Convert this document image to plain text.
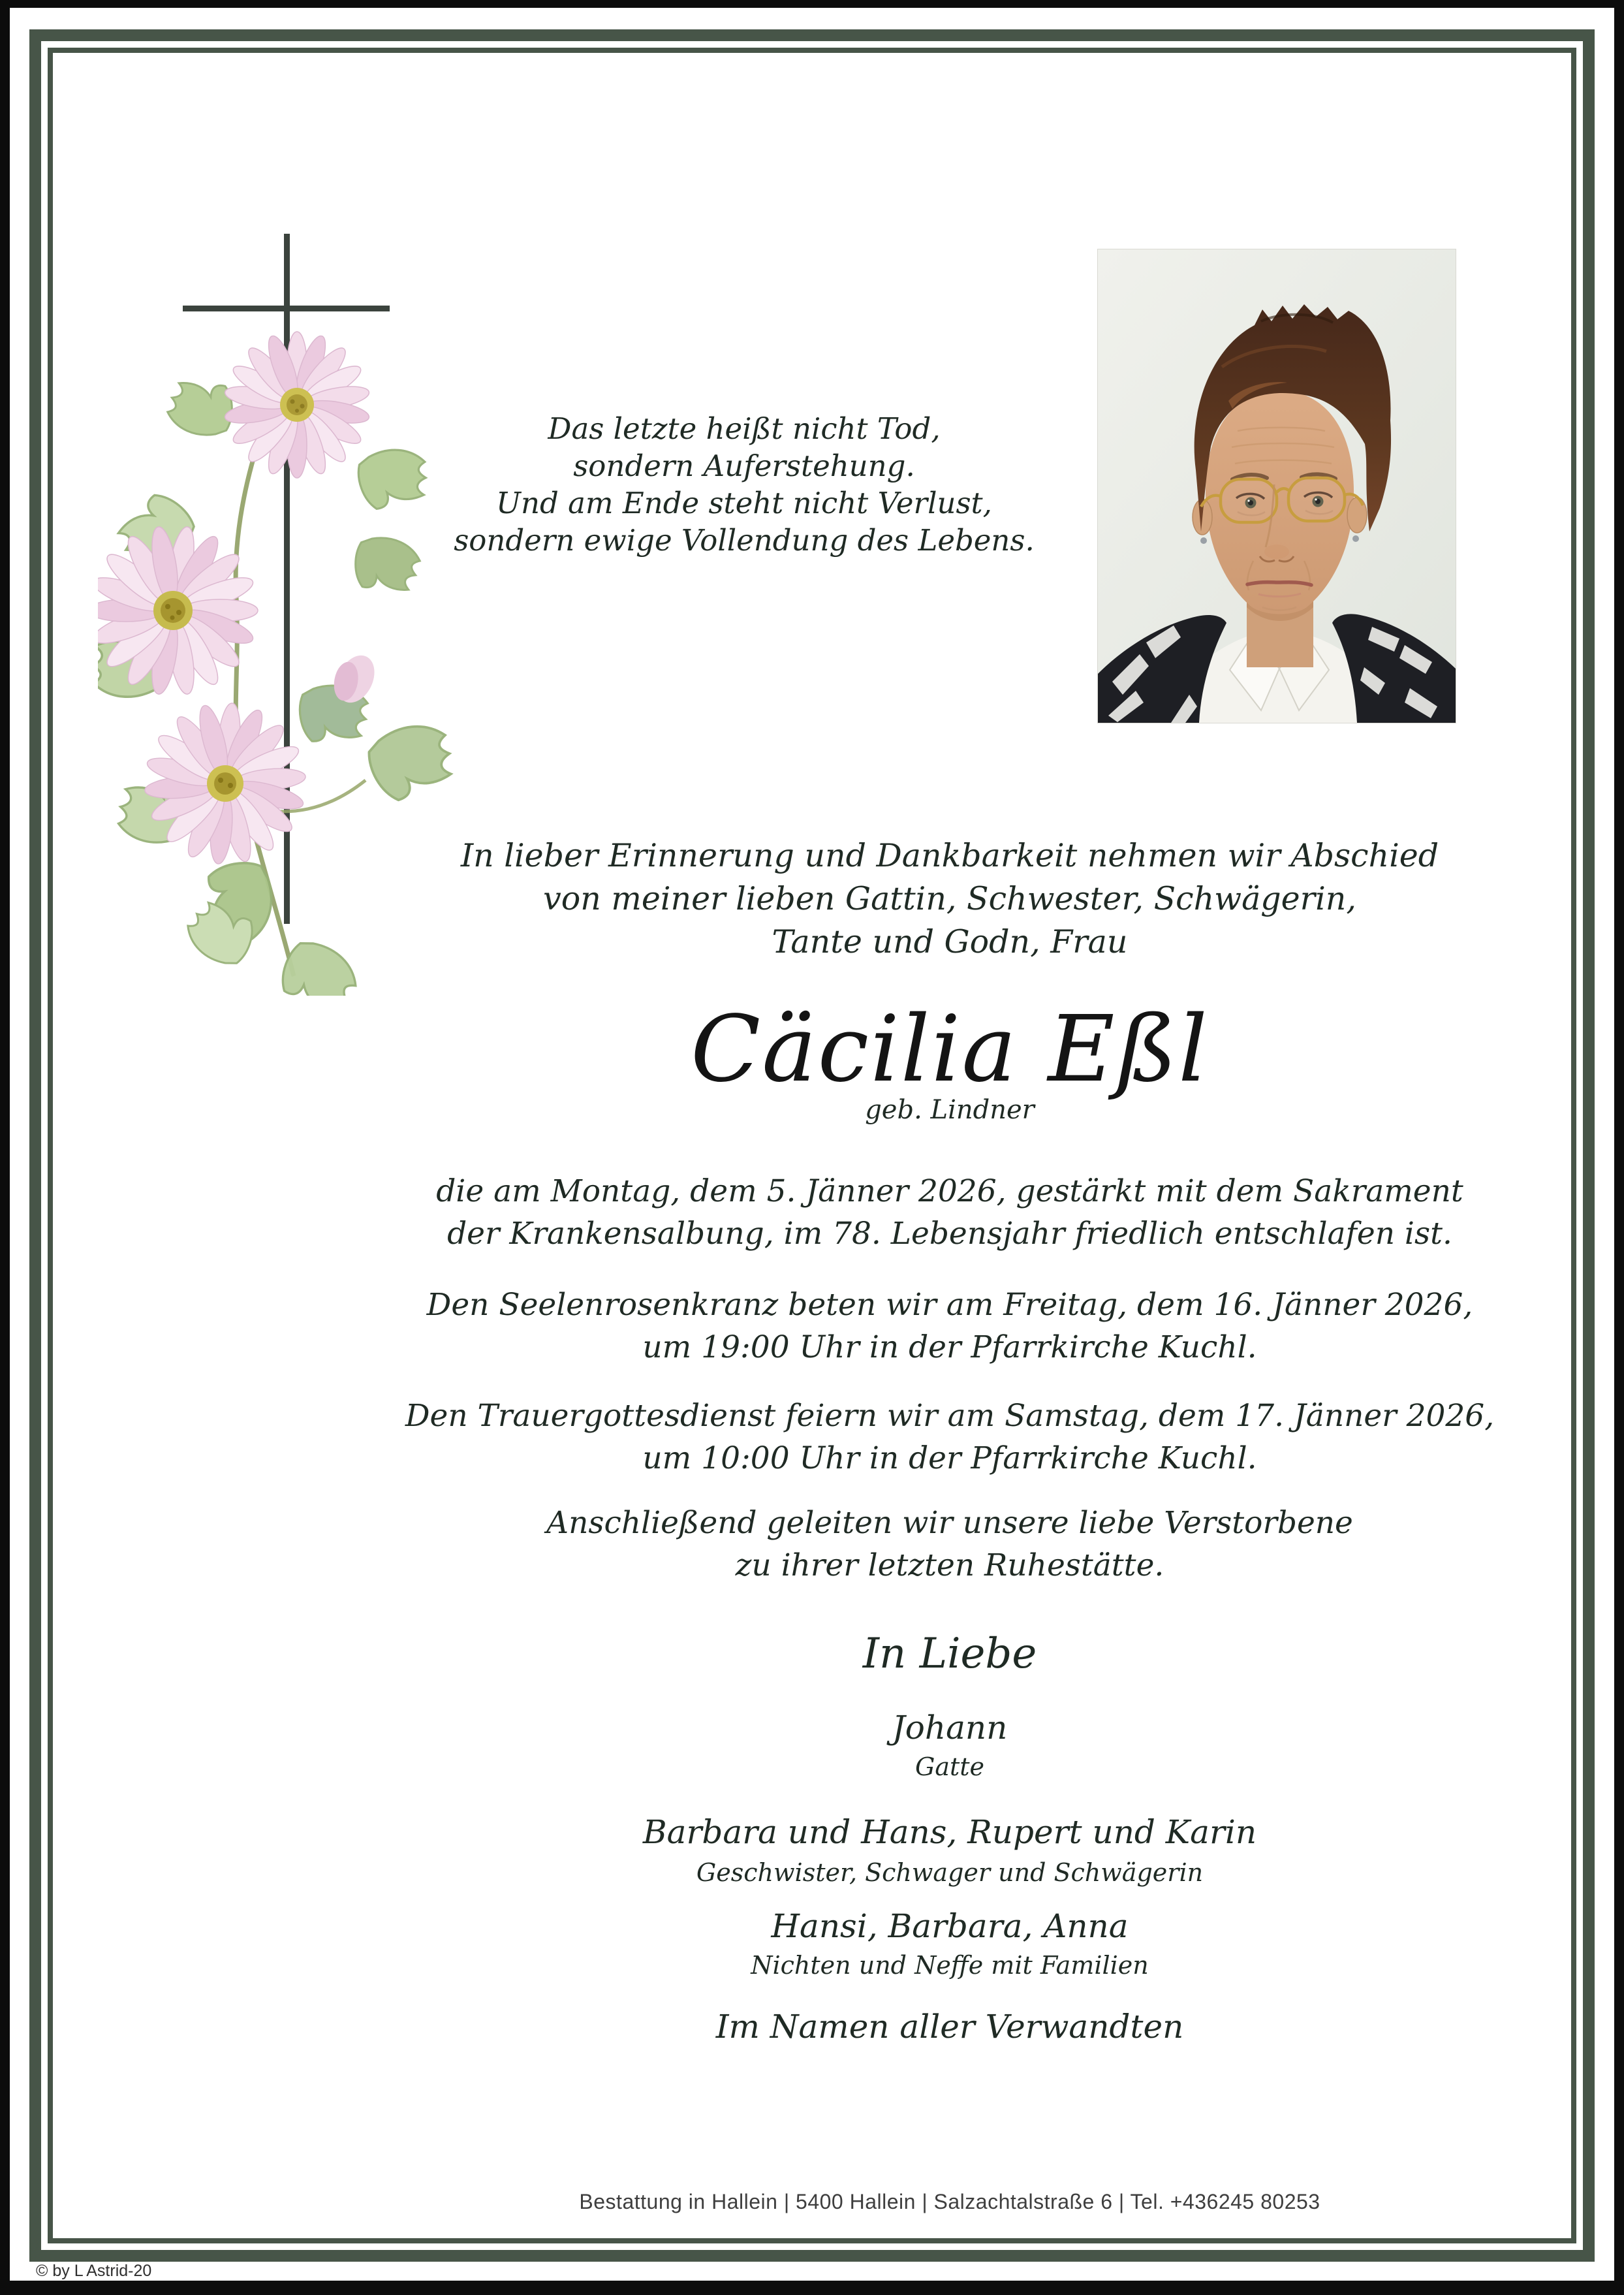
Das letzte heißt nicht Tod,
sondern Auferstehung.
Und am Ende steht nicht Verlust,
sondern ewige Vollendung des Lebens.
In lieber Erinnerung und Dankbarkeit nehmen wir Abschied
von meiner lieben Gattin, Schwester, Schwägerin,
Tante und Godn, Frau
Cäcilia Eßl
geb. Lindner
die am Montag, dem 5. Jänner 2026, gestärkt mit dem Sakrament
der Krankensalbung, im 78. Lebensjahr friedlich entschlafen ist.
Den Seelenrosenkranz beten wir am Freitag, dem 16. Jänner 2026,
um 19:00 Uhr in der Pfarrkirche Kuchl.
Den Trauergottesdienst feiern wir am Samstag, dem 17. Jänner 2026,
um 10:00 Uhr in der Pfarrkirche Kuchl.
Anschließend geleiten wir unsere liebe Verstorbene
zu ihrer letzten Ruhestätte.
In Liebe
Johann
Gatte
Barbara und Hans, Rupert und Karin
Geschwister, Schwager und Schwägerin
Hansi, Barbara, Anna
Nichten und Neffe mit Familien
Im Namen aller Verwandten
Bestattung in Hallein | 5400 Hallein | Salzachtalstraße 6 | Tel. +436245 80253
© by L Astrid-20
